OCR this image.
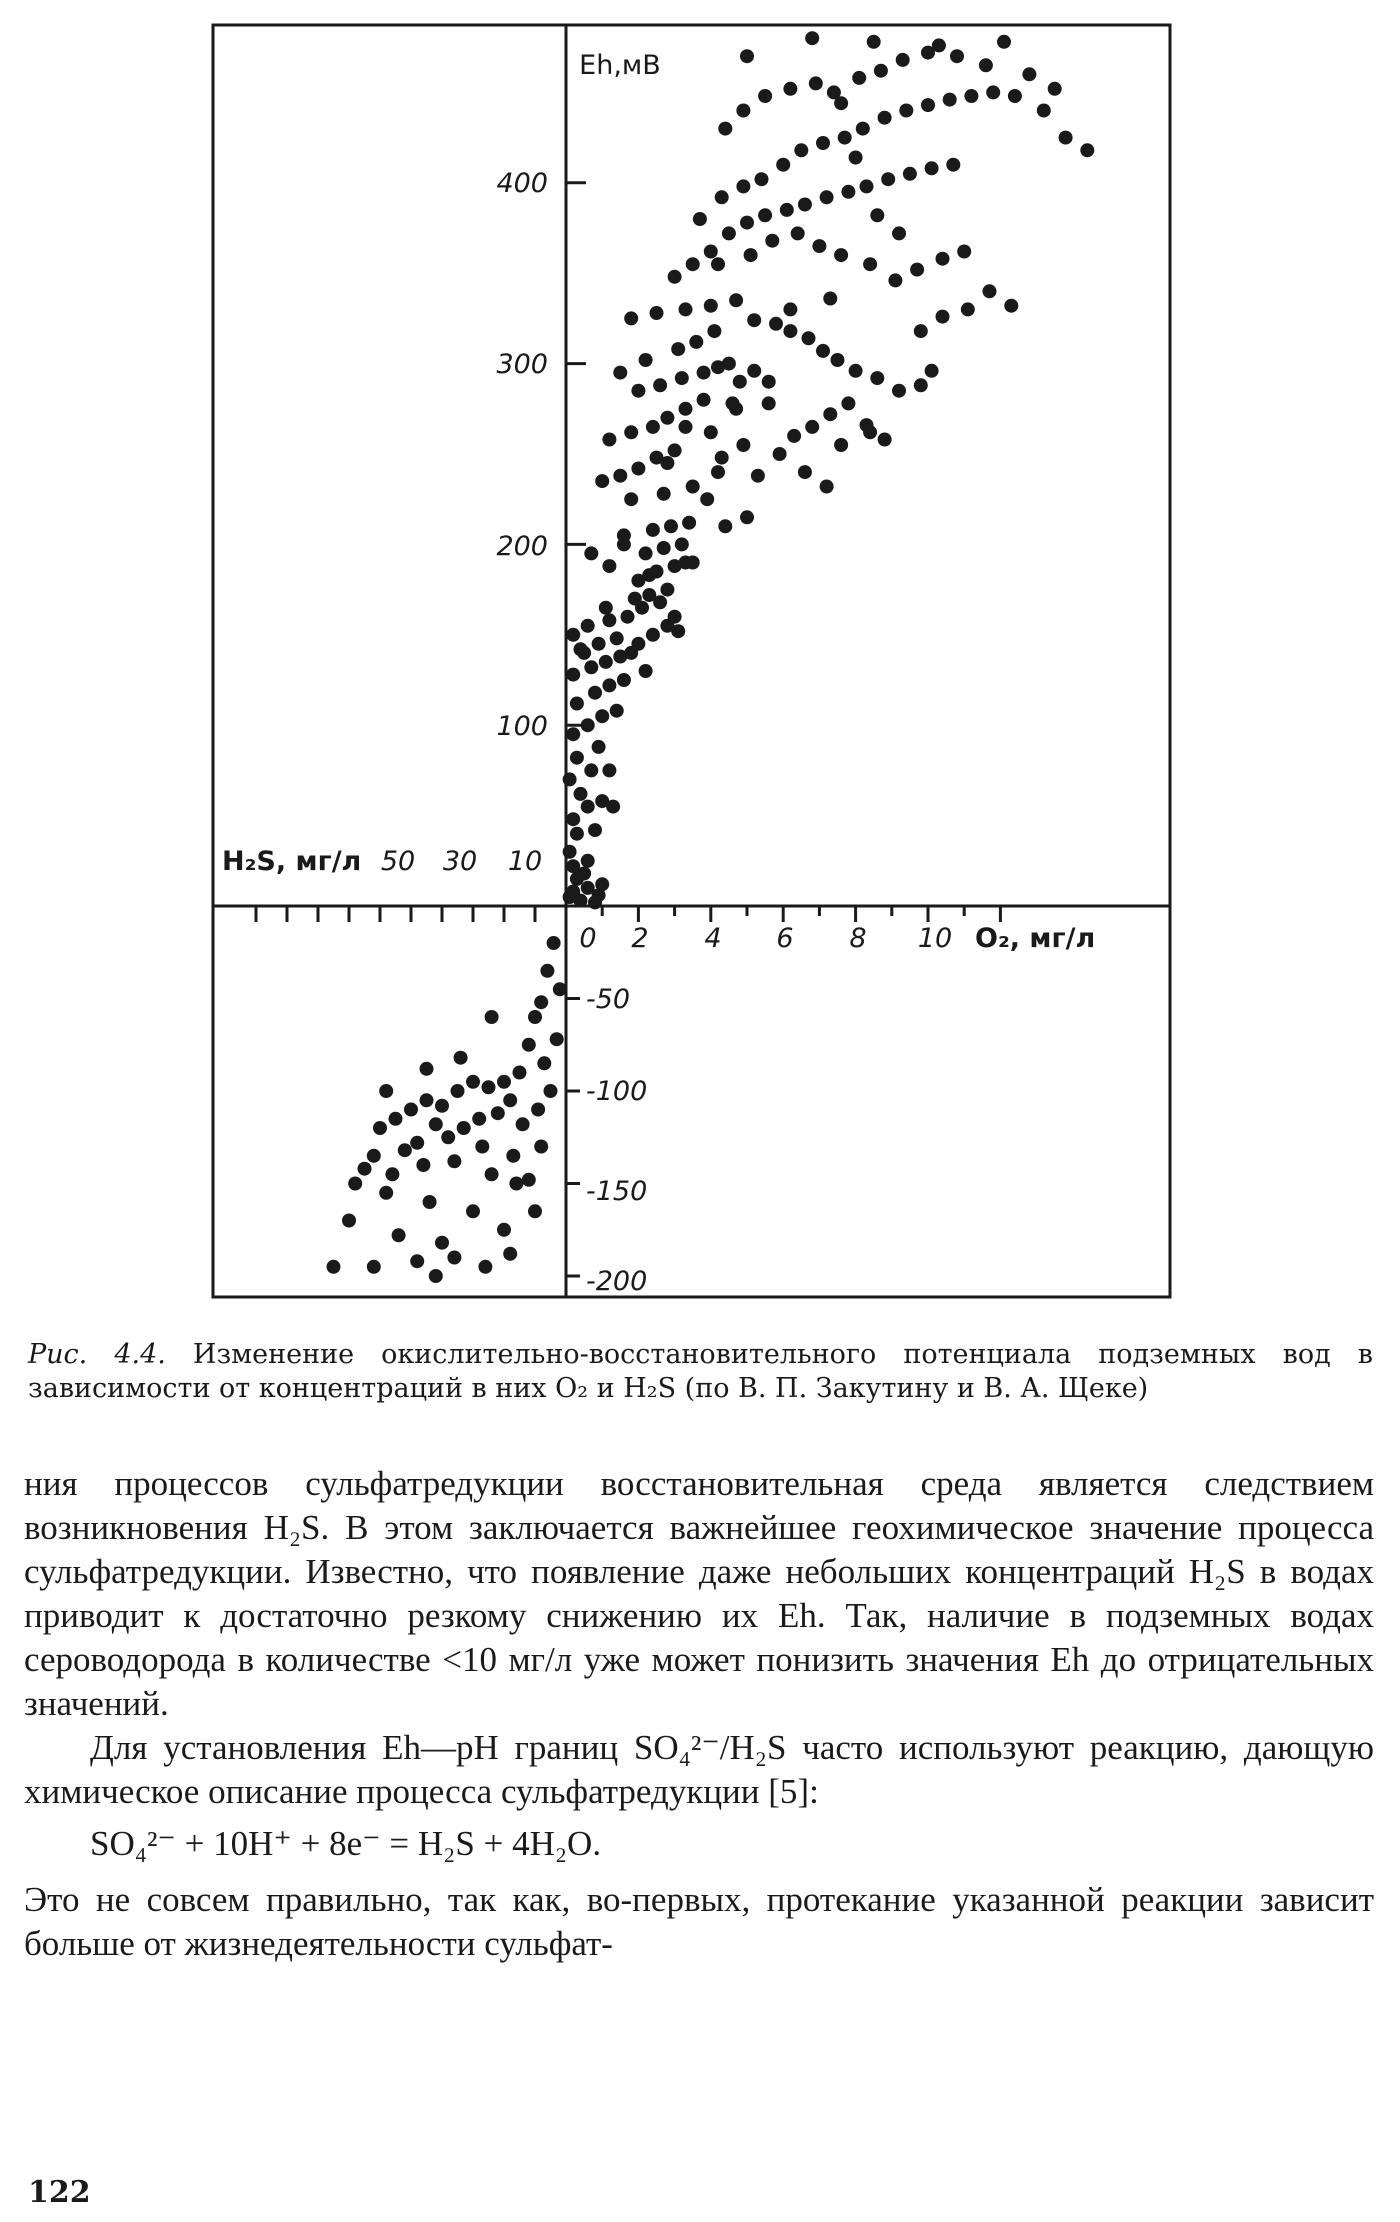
Eh,мВ
O₂, мг/л
H₂S, мг/л
400
300
200
100
-50
-100
-150
-200
0 2 4 6 8 10
50 30 10
Рис. 4.4. Изменение окислительно-восстановительного потенциала подземных вод в зависимости от концентраций в них O₂ и H₂S (по В. П. Закутину и В. А. Щеке)

ния процессов сульфатредукции восстановительная среда является следствием возникновения H₂S. В этом заключается важнейшее геохимическое значение процесса сульфатредукции. Известно, что появление даже небольших концентраций H₂S в водах приводит к достаточно резкому снижению их Eh. Так, наличие в подземных водах сероводорода в количестве <10 мг/л уже может понизить значения Eh до отрицательных значений.

Для установления Eh—pH границ SO₄²⁻/H₂S часто используют реакцию, дающую химическое описание процесса сульфатредукции [5]:

SO₄²⁻ + 10H⁺ + 8e⁻ = H₂S + 4H₂O.

Это не совсем правильно, так как, во-первых, протекание указанной реакции зависит больше от жизнедеятельности сульфат-

122
